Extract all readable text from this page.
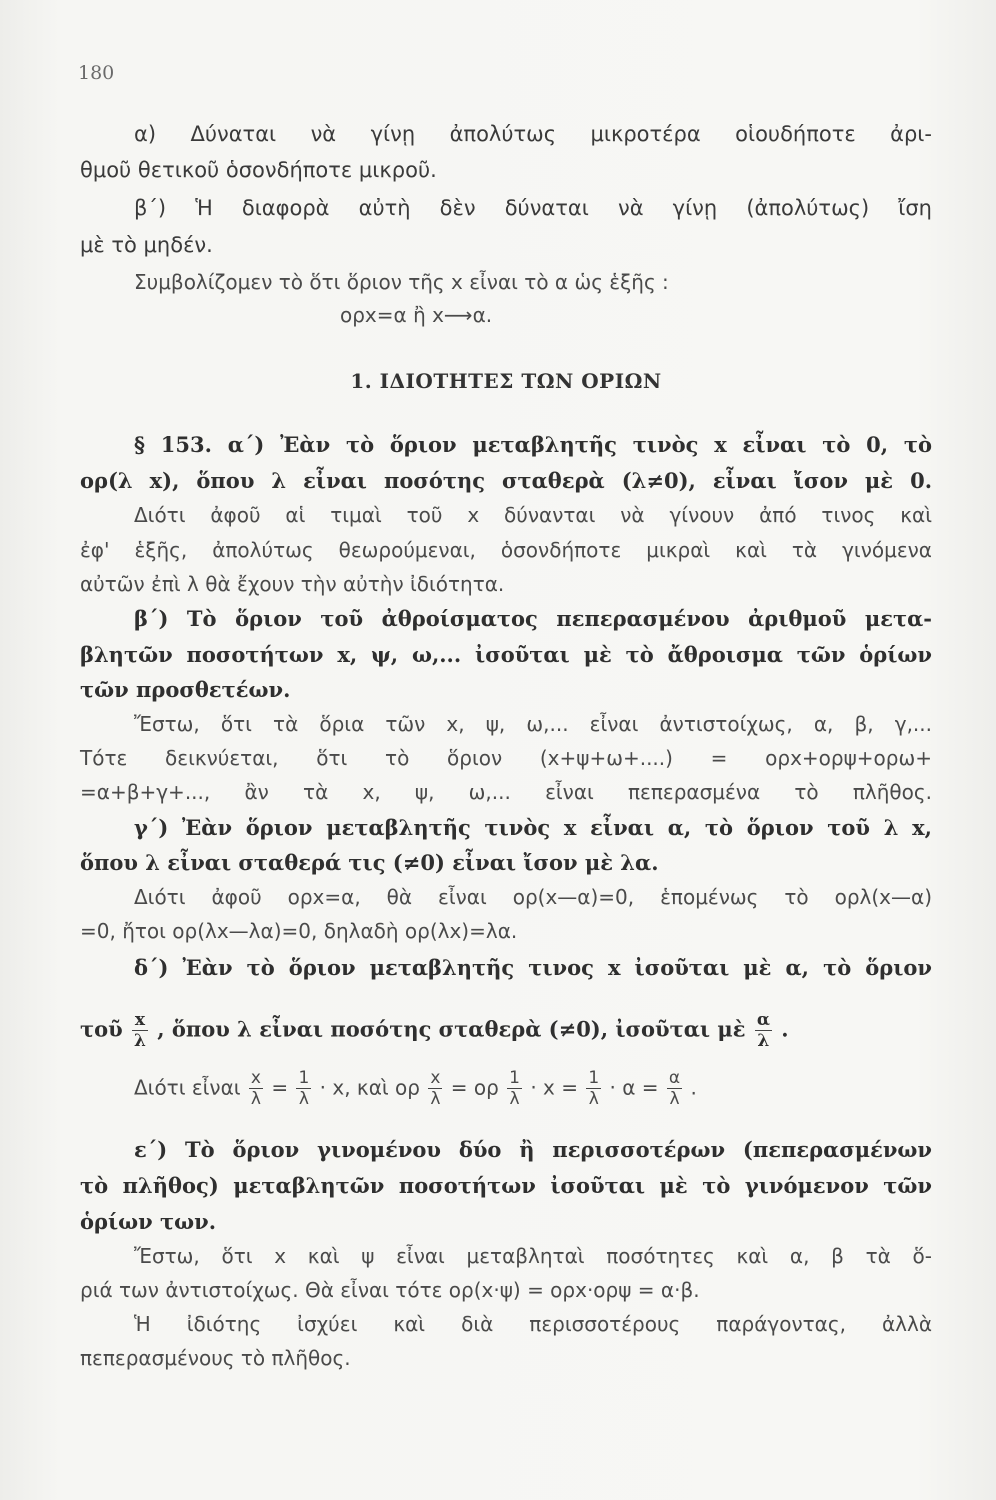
180
α) Δύναται νὰ γίνῃ ἀπολύτως μικροτέρα οἱουδήποτε ἀρι-
θμοῦ θετικοῦ ὁσονδήποτε μικροῦ.
β΄) Ἡ διαφορὰ αὐτὴ δὲν δύναται νὰ γίνῃ (ἀπολύτως) ἴση
μὲ τὸ μηδέν.
Συμβολίζομεν τὸ ὅτι ὅριον τῆς x εἶναι τὸ α ὡς ἑξῆς :
ορx=α ἢ x⟶α.
1. ΙΔΙΟΤΗΤΕΣ ΤΩΝ ΟΡΙΩΝ
§ 153. α΄) Ἐὰν τὸ ὅριον μεταβλητῆς τινὸς x εἶναι τὸ 0, τὸ
ορ(λ x), ὅπου λ εἶναι ποσότης σταθερὰ (λ≠0), εἶναι ἴσον μὲ 0.
Διότι ἀφοῦ αἱ τιμαὶ τοῦ x δύνανται νὰ γίνουν ἀπό τινος καὶ
ἐφ' ἑξῆς, ἀπολύτως θεωρούμεναι, ὁσονδήποτε μικραὶ καὶ τὰ γινόμενα
αὐτῶν ἐπὶ λ θὰ ἔχουν τὴν αὐτὴν ἰδιότητα.
β΄) Τὸ ὅριον τοῦ ἀθροίσματος πεπερασμένου ἀριθμοῦ μετα-
βλητῶν ποσοτήτων x, ψ, ω,... ἰσοῦται μὲ τὸ ἄθροισμα τῶν ὁρίων
τῶν προσθετέων.
Ἔστω, ὅτι τὰ ὅρια τῶν x, ψ, ω,... εἶναι ἀντιστοίχως, α, β, γ,...
Τότε δεικνύεται, ὅτι τὸ ὅριον (x+ψ+ω+....) = ορx+ορψ+ορω+
=α+β+γ+..., ἂν τὰ x, ψ, ω,... εἶναι πεπερασμένα τὸ πλῆθος.
γ΄) Ἐὰν ὅριον μεταβλητῆς τινὸς x εἶναι α, τὸ ὅριον τοῦ λ x,
ὅπου λ εἶναι σταθερά τις (≠0) εἶναι ἴσον μὲ λα.
Διότι ἀφοῦ ορx=α, θὰ εἶναι ορ(x—α)=0, ἑπομένως τὸ ορλ(x—α)
=0, ἤτοι ορ(λx—λα)=0, δηλαδὴ ορ(λx)=λα.
δ΄) Ἐὰν τὸ ὅριον μεταβλητῆς τινος x ἰσοῦται μὲ α, τὸ ὅριον
τοῦ $\frac{x}{\lambda}$ , ὅπου λ εἶναι ποσότης σταθερὰ (≠0), ἰσοῦται μὲ $\frac{\alpha}{\lambda}$ .
Διότι εἶναι $\frac{x}{\lambda} = \frac{1}{\lambda} \cdot x$, καὶ ορ $\frac{x}{\lambda} = o\rho \frac{1}{\lambda} \cdot x = \frac{1}{\lambda} \cdot \alpha = \frac{\alpha}{\lambda}$ .
ε΄) Τὸ ὅριον γινομένου δύο ἢ περισσοτέρων (πεπερασμένων
τὸ πλῆθος) μεταβλητῶν ποσοτήτων ἰσοῦται μὲ τὸ γινόμενον τῶν
ὁρίων των.
Ἔστω, ὅτι x καὶ ψ εἶναι μεταβληταὶ ποσότητες καὶ α, β τὰ ὅ-
ριά των ἀντιστοίχως. Θὰ εἶναι τότε ορ(x·ψ) = ορx·ορψ = α·β.
Ἡ ἰδιότης ἰσχύει καὶ διὰ περισσοτέρους παράγοντας, ἀλλὰ
πεπερασμένους τὸ πλῆθος.
